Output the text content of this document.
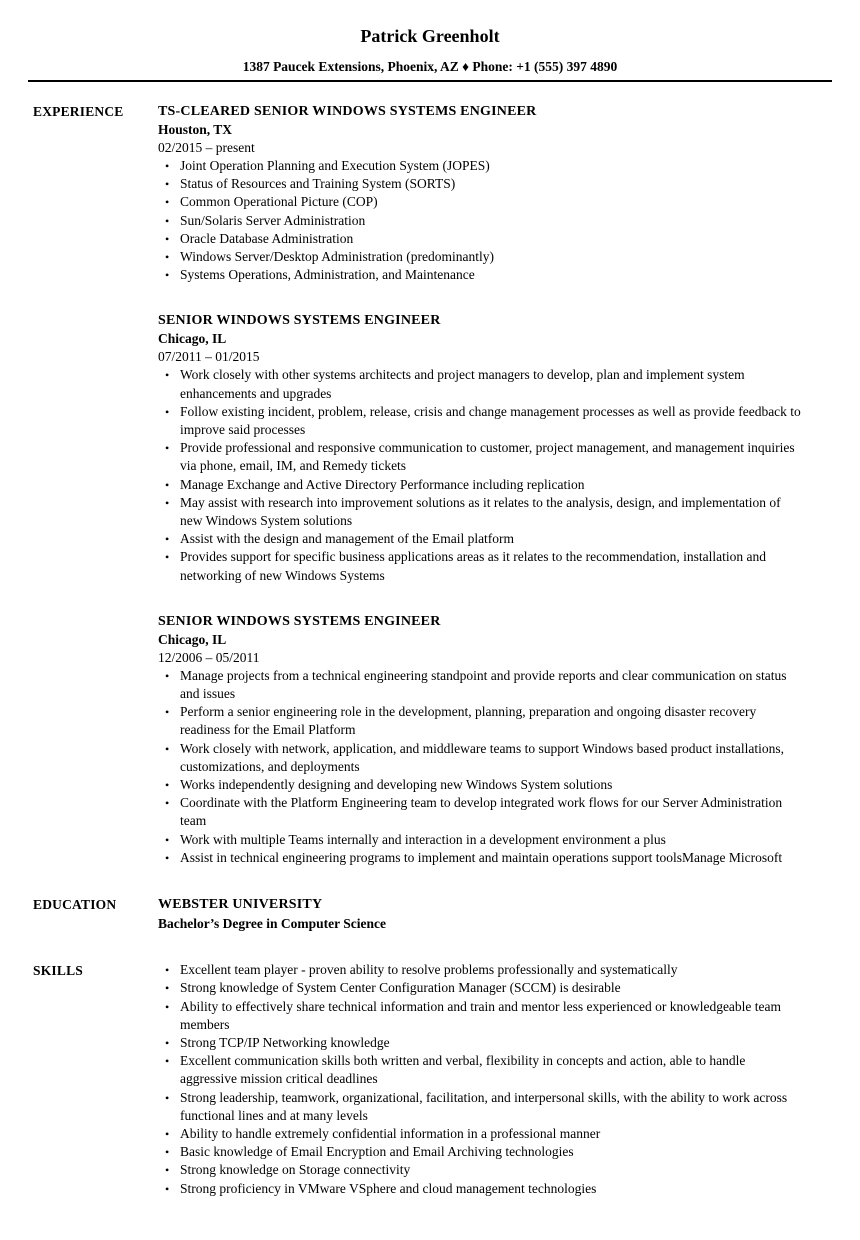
Patrick Greenholt
1387 Paucek Extensions, Phoenix, AZ ♦ Phone: +1 (555) 397 4890
EXPERIENCE	TS-CLEARED SENIOR WINDOWS SYSTEMS ENGINEER
Houston, TX
02/2015 – present
• Joint Operation Planning and Execution System (JOPES)
• Status of Resources and Training System (SORTS)
• Common Operational Picture (COP)
• Sun/Solaris Server Administration
• Oracle Database Administration
• Windows Server/Desktop Administration (predominantly)
• Systems Operations, Administration, and Maintenance
SENIOR WINDOWS SYSTEMS ENGINEER
Chicago, IL
07/2011 – 01/2015
• Work closely with other systems architects and project managers to develop, plan and implement system enhancements and upgrades
• Follow existing incident, problem, release, crisis and change management processes as well as provide feedback to improve said processes
• Provide professional and responsive communication to customer, project management, and management inquiries via phone, email, IM, and Remedy tickets
• Manage Exchange and Active Directory Performance including replication
• May assist with research into improvement solutions as it relates to the analysis, design, and implementation of new Windows System solutions
• Assist with the design and management of the Email platform
• Provides support for specific business applications areas as it relates to the recommendation, installation and networking of new Windows Systems
SENIOR WINDOWS SYSTEMS ENGINEER
Chicago, IL
12/2006 – 05/2011
• Manage projects from a technical engineering standpoint and provide reports and clear communication on status and issues
• Perform a senior engineering role in the development, planning, preparation and ongoing disaster recovery readiness for the Email Platform
• Work closely with network, application, and middleware teams to support Windows based product installations, customizations, and deployments
• Works independently designing and developing new Windows System solutions
• Coordinate with the Platform Engineering team to develop integrated work flows for our Server Administration team
• Work with multiple Teams internally and interaction in a development environment a plus
• Assist in technical engineering programs to implement and maintain operations support toolsManage Microsoft
EDUCATION	WEBSTER UNIVERSITY
Bachelor’s Degree in Computer Science
SKILLS	• Excellent team player - proven ability to resolve problems professionally and systematically
• Strong knowledge of System Center Configuration Manager (SCCM) is desirable
• Ability to effectively share technical information and train and mentor less experienced or knowledgeable team members
• Strong TCP/IP Networking knowledge
• Excellent communication skills both written and verbal, flexibility in concepts and action, able to handle aggressive mission critical deadlines
• Strong leadership, teamwork, organizational, facilitation, and interpersonal skills, with the ability to work across functional lines and at many levels
• Ability to handle extremely confidential information in a professional manner
• Basic knowledge of Email Encryption and Email Archiving technologies
• Strong knowledge on Storage connectivity
• Strong proficiency in VMware VSphere and cloud management technologies
